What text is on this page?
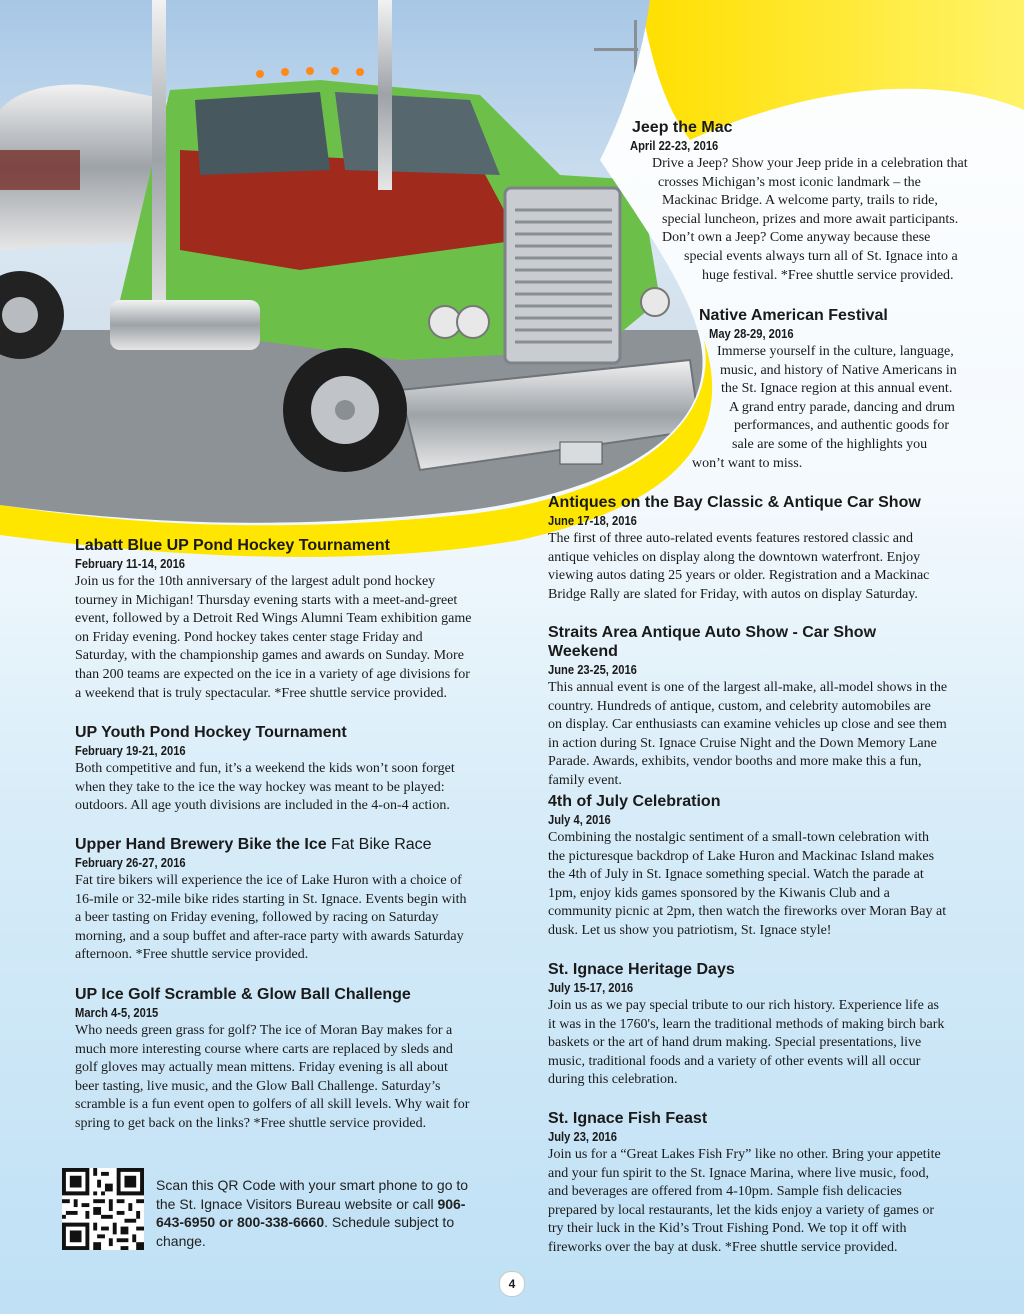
Jeep the Mac

April 22-23, 2016

Drive a Jeep? Show your Jeep pride in a celebration that
crosses Michigan’s most iconic landmark – the
Mackinac Bridge. A welcome party, trails to ride,
special luncheon, prizes and more await participants.
Don’t own a Jeep? Come anyway because these
special events always turn all of St. Ignace into a
huge festival. *Free shuttle service provided.

Native American Festival

May 28-29, 2016

Immerse yourself in the culture, language,
music, and history of Native Americans in
the St. Ignace region at this annual event.
A grand entry parade, dancing and drum
performances, and authentic goods for
sale are some of the highlights you
won’t want to miss.

Labatt Blue UP Pond Hockey Tournament

February 11-14, 2016

Join us for the 10th anniversary of the largest adult pond hockey tourney in Michigan! Thursday evening starts with a meet-and-greet event, followed by a Detroit Red Wings Alumni Team exhibition game on Friday evening. Pond hockey takes center stage Friday and Saturday, with the championship games and awards on Sunday. More than 200 teams are expected on the ice in a variety of age divisions for a weekend that is truly spectacular. *Free shuttle service provided.

UP Youth Pond Hockey Tournament

February 19-21, 2016

Both competitive and fun, it’s a weekend the kids won’t soon forget when they take to the ice the way hockey was meant to be played: outdoors. All age youth divisions are included in the 4-on-4 action.

Upper Hand Brewery Bike the Ice Fat Bike Race

February 26-27, 2016

Fat tire bikers will experience the ice of Lake Huron with a choice of 16-mile or 32-mile bike rides starting in St. Ignace. Events begin with a beer tasting on Friday evening, followed by racing on Saturday morning, and a soup buffet and after-race party with awards Saturday afternoon. *Free shuttle service provided.

UP Ice Golf Scramble & Glow Ball Challenge

March 4-5, 2015

Who needs green grass for golf? The ice of Moran Bay makes for a much more interesting course where carts are replaced by sleds and golf gloves may actually mean mittens. Friday evening is all about beer tasting, live music, and the Glow Ball Challenge. Saturday’s scramble is a fun event open to golfers of all skill levels. Why wait for spring to get back on the links? *Free shuttle service provided.

Antiques on the Bay Classic & Antique Car Show

June 17-18, 2016

The first of three auto-related events features restored classic and antique vehicles on display along the downtown waterfront. Enjoy viewing autos dating 25 years or older. Registration and a Mackinac Bridge Rally are slated for Friday, with autos on display Saturday.

Straits Area Antique Auto Show - Car Show Weekend

June 23-25, 2016

This annual event is one of the largest all-make, all-model shows in the country. Hundreds of antique, custom, and celebrity automobiles are on display. Car enthusiasts can examine vehicles up close and see them in action during St. Ignace Cruise Night and the Down Memory Lane Parade. Awards, exhibits, vendor booths and more make this a fun, family event.

4th of July Celebration

July 4, 2016

Combining the nostalgic sentiment of a small-town celebration with the picturesque backdrop of Lake Huron and Mackinac Island makes the 4th of July in St. Ignace something special. Watch the parade at 1pm, enjoy kids games sponsored by the Kiwanis Club and a community picnic at 2pm, then watch the fireworks over Moran Bay at dusk. Let us show you patriotism, St. Ignace style!

St. Ignace Heritage Days

July 15-17, 2016

Join us as we pay special tribute to our rich history. Experience life as it was in the 1760's, learn the traditional methods of making birch bark baskets or the art of hand drum making. Special presentations, live music, traditional foods and a variety of other events will all occur during this celebration.

St. Ignace Fish Feast

July 23, 2016

Join us for a “Great Lakes Fish Fry” like no other. Bring your appetite and your fun spirit to the St. Ignace Marina, where live music, food, and beverages are offered from 4-10pm. Sample fish delicacies prepared by local restaurants, let the kids enjoy a variety of games or try their luck in the Kid’s Trout Fishing Pond. We top it off with fireworks over the bay at dusk. *Free shuttle service provided.

Scan this QR Code with your smart phone to go to the St. Ignace Visitors Bureau website or call 906-643-6950 or 800-338-6660. Schedule subject to change.
4
